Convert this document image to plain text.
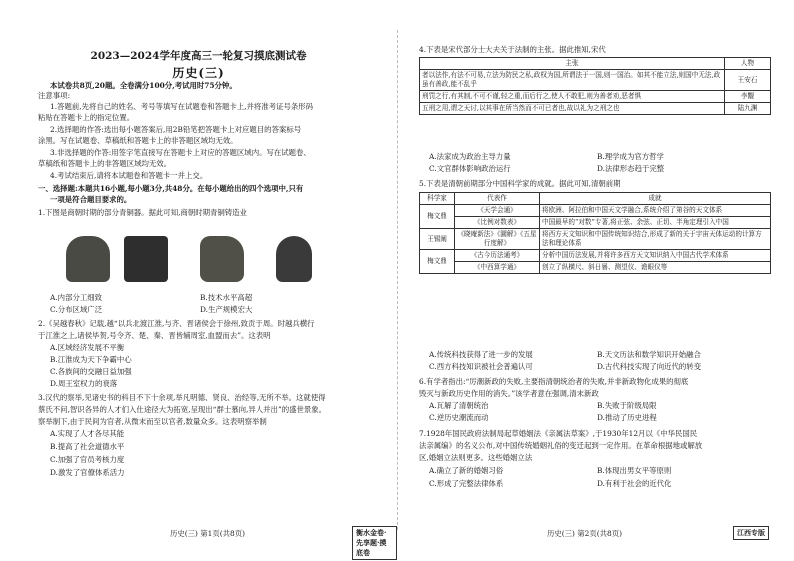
2023—2024学年度高三一轮复习摸底测试卷
历史(三)
本试卷共8页,20题。全卷满分100分,考试用时75分钟。
注意事项:
1.答题前,先将自己的姓名、考号等填写在试题卷和答题卡上,并将准考证号条形码
粘贴在答题卡上的指定位置。
2.选择题的作答:选出每小题答案后,用2B铅笔把答题卡上对应题目的答案标号
涂黑。写在试题卷、草稿纸和答题卡上的非答题区域均无效。
3.非选择题的作答:用签字笔直接写在答题卡上对应的答题区域内。写在试题卷、
草稿纸和答题卡上的非答题区域均无效。
4.考试结束后,请将本试题卷和答题卡一并上交。
一、选择题:本题共16小题,每小题3分,共48分。在每小题给出的四个选项中,只有
一项是符合题目要求的。
1.下图是商朝时期的部分青铜器。据此可知,商朝时期青铜铸造业
A.内部分工细致	B.技术水平高超
C.分布区域广泛	D.生产规模宏大
2.《吴越春秋》记载,越“以兵北渡江淮,与齐、晋诸侯会于徐州,致贡于周。时越兵横行
于江淮之上,诸侯毕贺,号令齐、楚、秦、晋皆辅周室,血盟而去”。这表明
A.区域经济发展不平衡
B.江淮成为天下争霸中心
C.各族间的交融日益加强
D.周王室权力的衰落
3.汉代的察举,见诸史书的科目不下十余项,举凡明德、贤良、治经等,无所不举。这就使得
蔡氏不问,智识各异的人才们入仕途径大为拓宽,呈现出“群士慕向,异人并出”的盛世景象。
察举制下,由于民间为官者,从微末而至以官者,数量众多。这表明察举制
A.实现了人才各尽其能
B.提高了社会道德水平
C.加强了官员考核力度
D.激发了官僚体系活力
历史(三) 第1页(共8页)	衡水金卷·先享题·摸底卷
4.下表是宋代部分士大夫关于法制的主张。据此推知,宋代
主张	人物
者以法作,有法不可易,立法为防民之私,政权为国,所谓法于一国,则一国治。如其不能立法,则国中无法,政虽有善政,能不乱乎	王安石
刑罚之行,有其制,不可不谨,轻之重,而后行之,使人不敢犯,则为善者劝,恶者惧	李觏
五刑之用,谓之天讨,以其事在所当然而不可已者也,故以礼为之刑之也	陆九渊
A.法家成为政治主导力量	B.理学成为官方哲学
C.文官群体影响政治运行	D.法律形态趋于完整
5.下表是清朝前期部分中国科学家的成就。据此可知,清朝前期
科学家	代表作	成就
梅文鼎	《天学会通》	将欧洲、阿拉伯和中国天文学融合,系统介绍了第谷的天文体系
	《比例对数表》	中国最早的“对数”专著,将正弦、余弦、正切、半角定理引入中国
王锡阐	《晓庵新法》《圜解》《五星行度解》	将西方天文知识和中国传统知识结合,形成了新的关于宇宙天体运动的计算方法和理论体系
梅文鼎	《古今历法通考》	分析中国历法发展,并将许多西方天文知识纳入中国古代学术体系
	《中西算学通》	创立了纵横尺、斜日晷、测望仪、谵眼仪等
A.传统科技获得了进一步的发展	B.天文历法和数学知识开始融合
C.西方科技知识被社会普遍认可	D.古代科技实现了向近代的转变
6.有学者指出:“厉潮新政的失败,主要指清朝统治者的失败,并非新政物化成果的彻底
毁灭与新政历史作用的消失。”该学者意在强调,清末新政
A.瓦解了清朝统治	B.失败于阶级局限
C.逆历史潮流而动	D.推动了历史进程
7.1928年国民政府法制局起草婚姻法《亲属法草案》,于1930年12月以《中华民国民
法亲属编》的名义公布,对中国传统婚姻礼俗的变迁起到一定作用。在革命根据地或解放
区,婚姻立法则更多。这些婚姻立法
A.确立了新的婚姻习俗	B.体现出男女平等原则
C.形成了完整法律体系	D.有利于社会的近代化
历史(三) 第2页(共8页)	江西专版
